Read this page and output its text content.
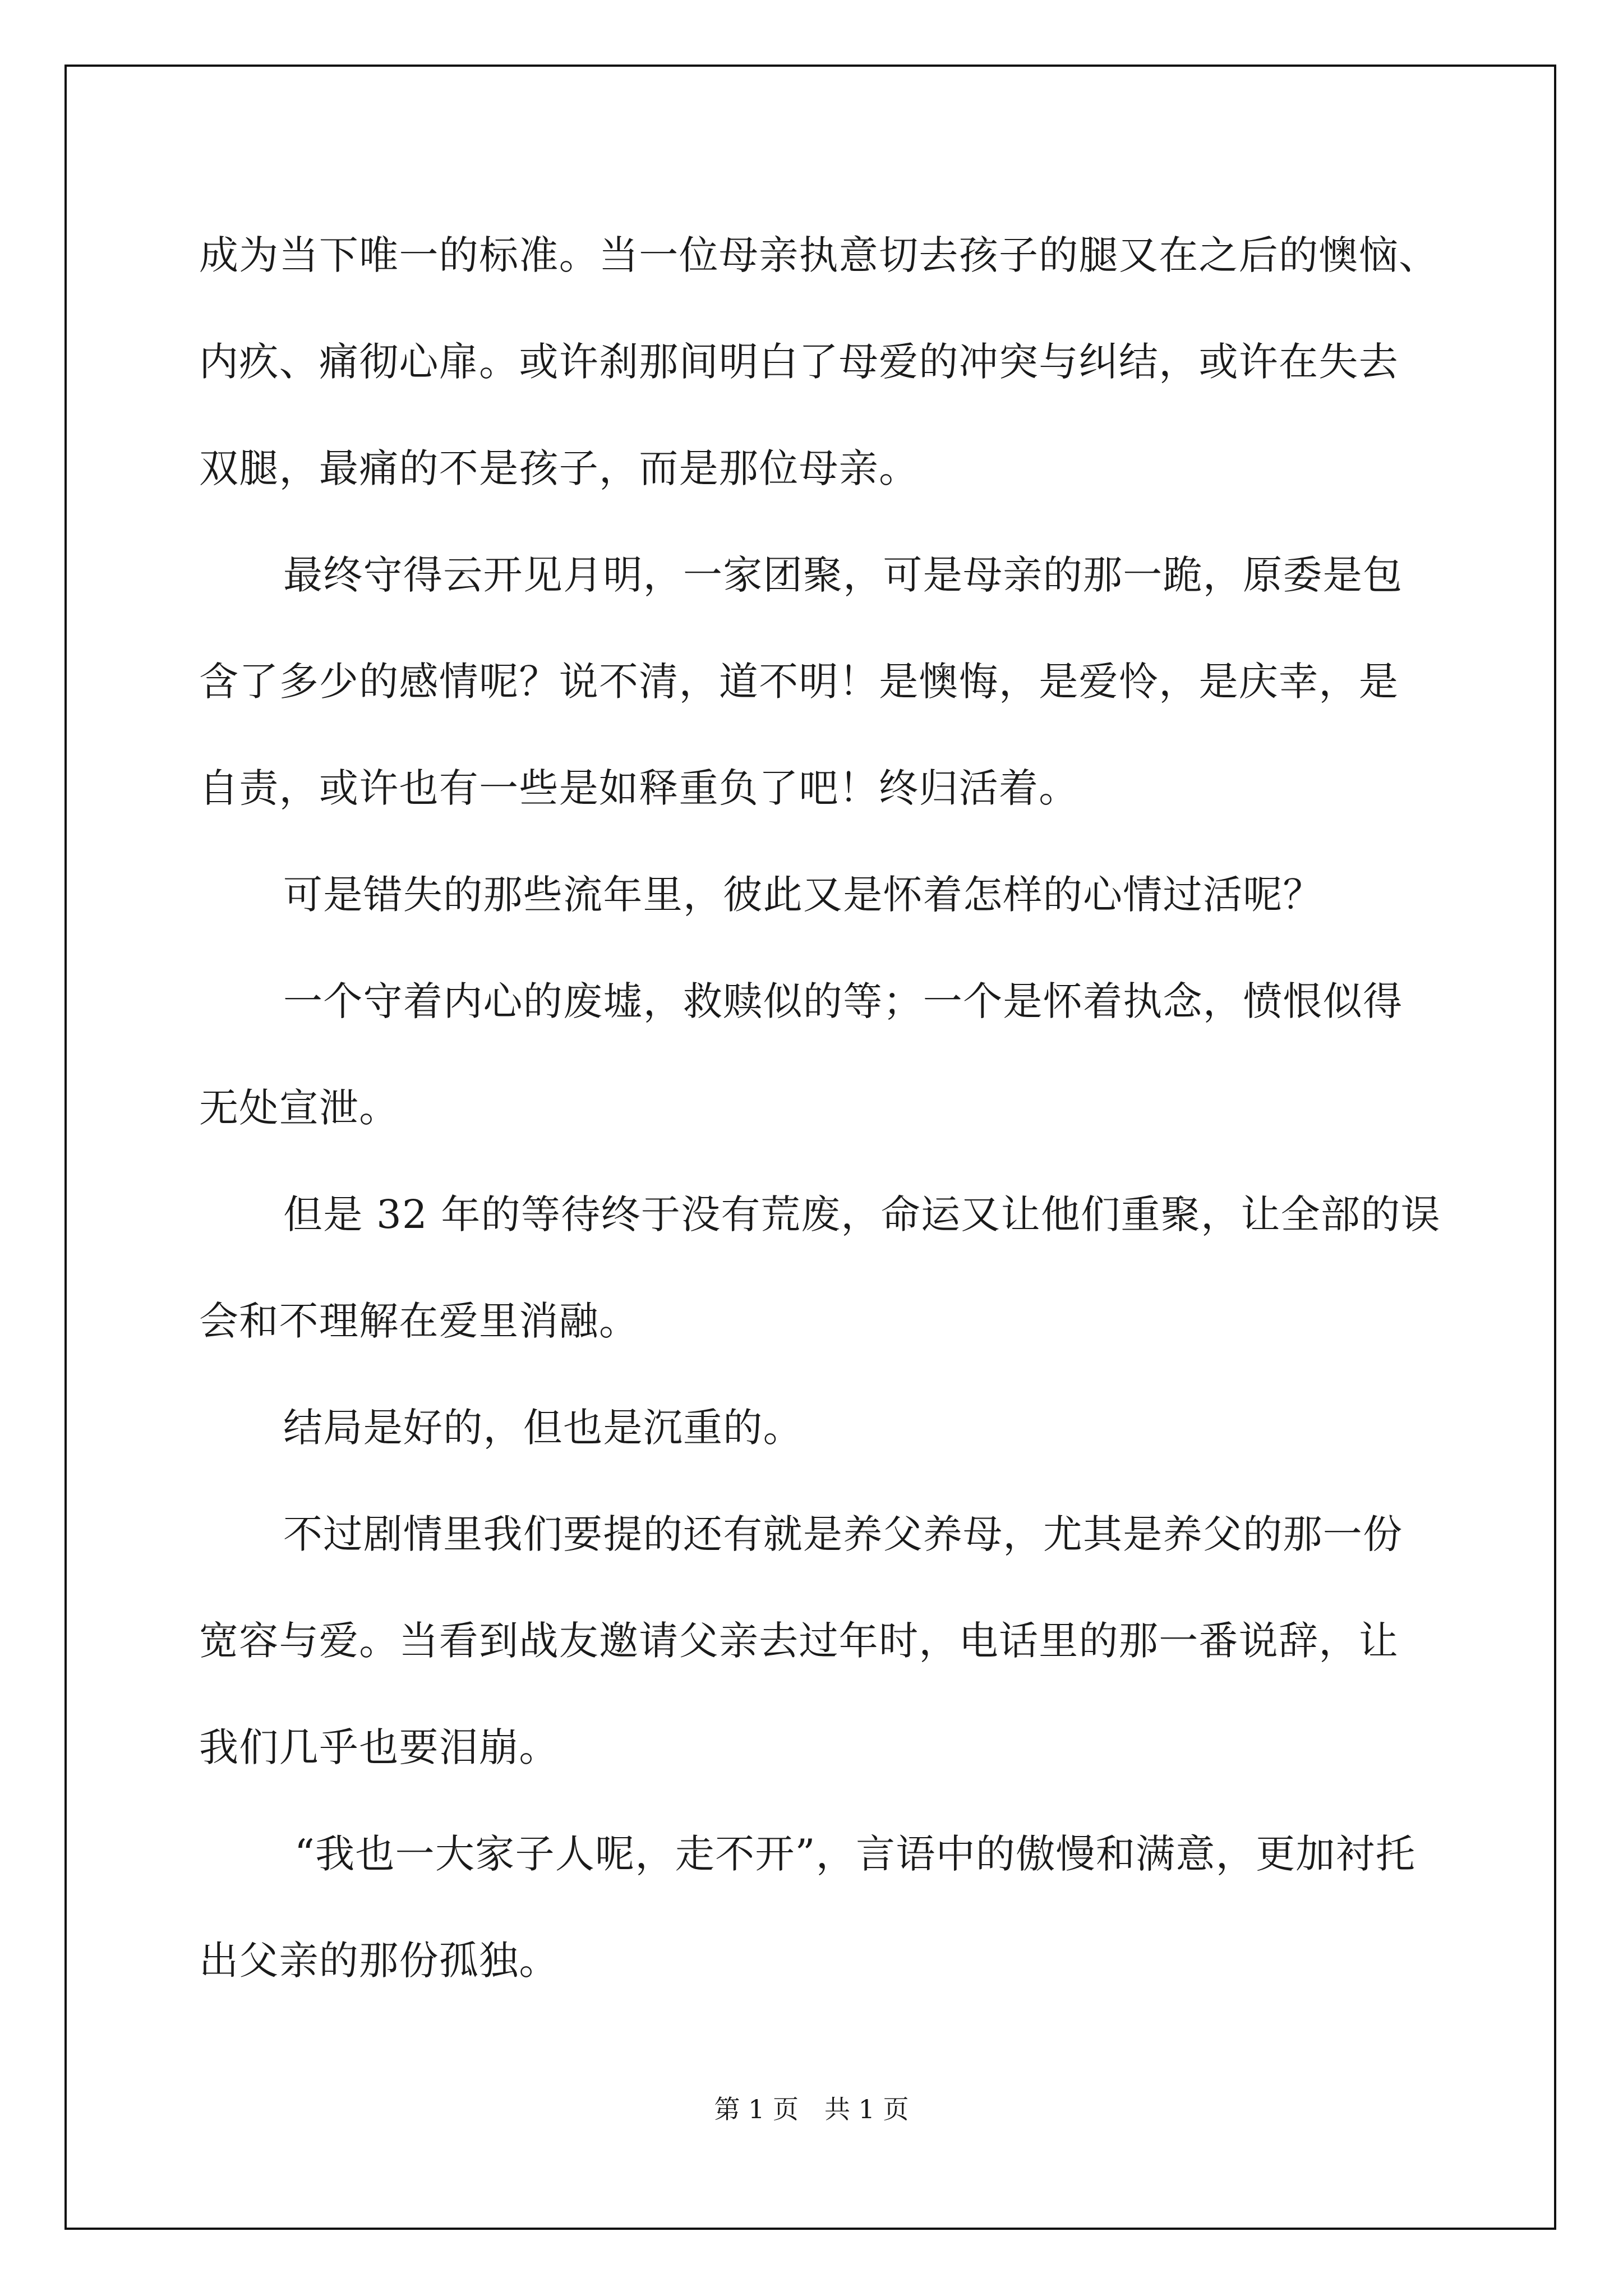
成为当下唯一的标准。当一位母亲执意切去孩子的腿又在之后的懊恼、

内疚、痛彻心扉。或许刹那间明白了母爱的冲突与纠结，或许在失去

双腿，最痛的不是孩子，而是那位母亲。

最终守得云开见月明，一家团聚，可是母亲的那一跪，原委是包

含了多少的感情呢？说不清，道不明！是懊悔，是爱怜，是庆幸，是

自责，或许也有一些是如释重负了吧！终归活着。

可是错失的那些流年里，彼此又是怀着怎样的心情过活呢？

一个守着内心的废墟，救赎似的等；一个是怀着执念，愤恨似得

无处宣泄。

但是 32 年的等待终于没有荒废，命运又让他们重聚，让全部的误

会和不理解在爱里消融。

结局是好的，但也是沉重的。

不过剧情里我们要提的还有就是养父养母，尤其是养父的那一份

宽容与爱。当看到战友邀请父亲去过年时，电话里的那一番说辞，让

我们几乎也要泪崩。

“我也一大家子人呢，走不开”，言语中的傲慢和满意，更加衬托

出父亲的那份孤独。

第 1 页　共 1 页
